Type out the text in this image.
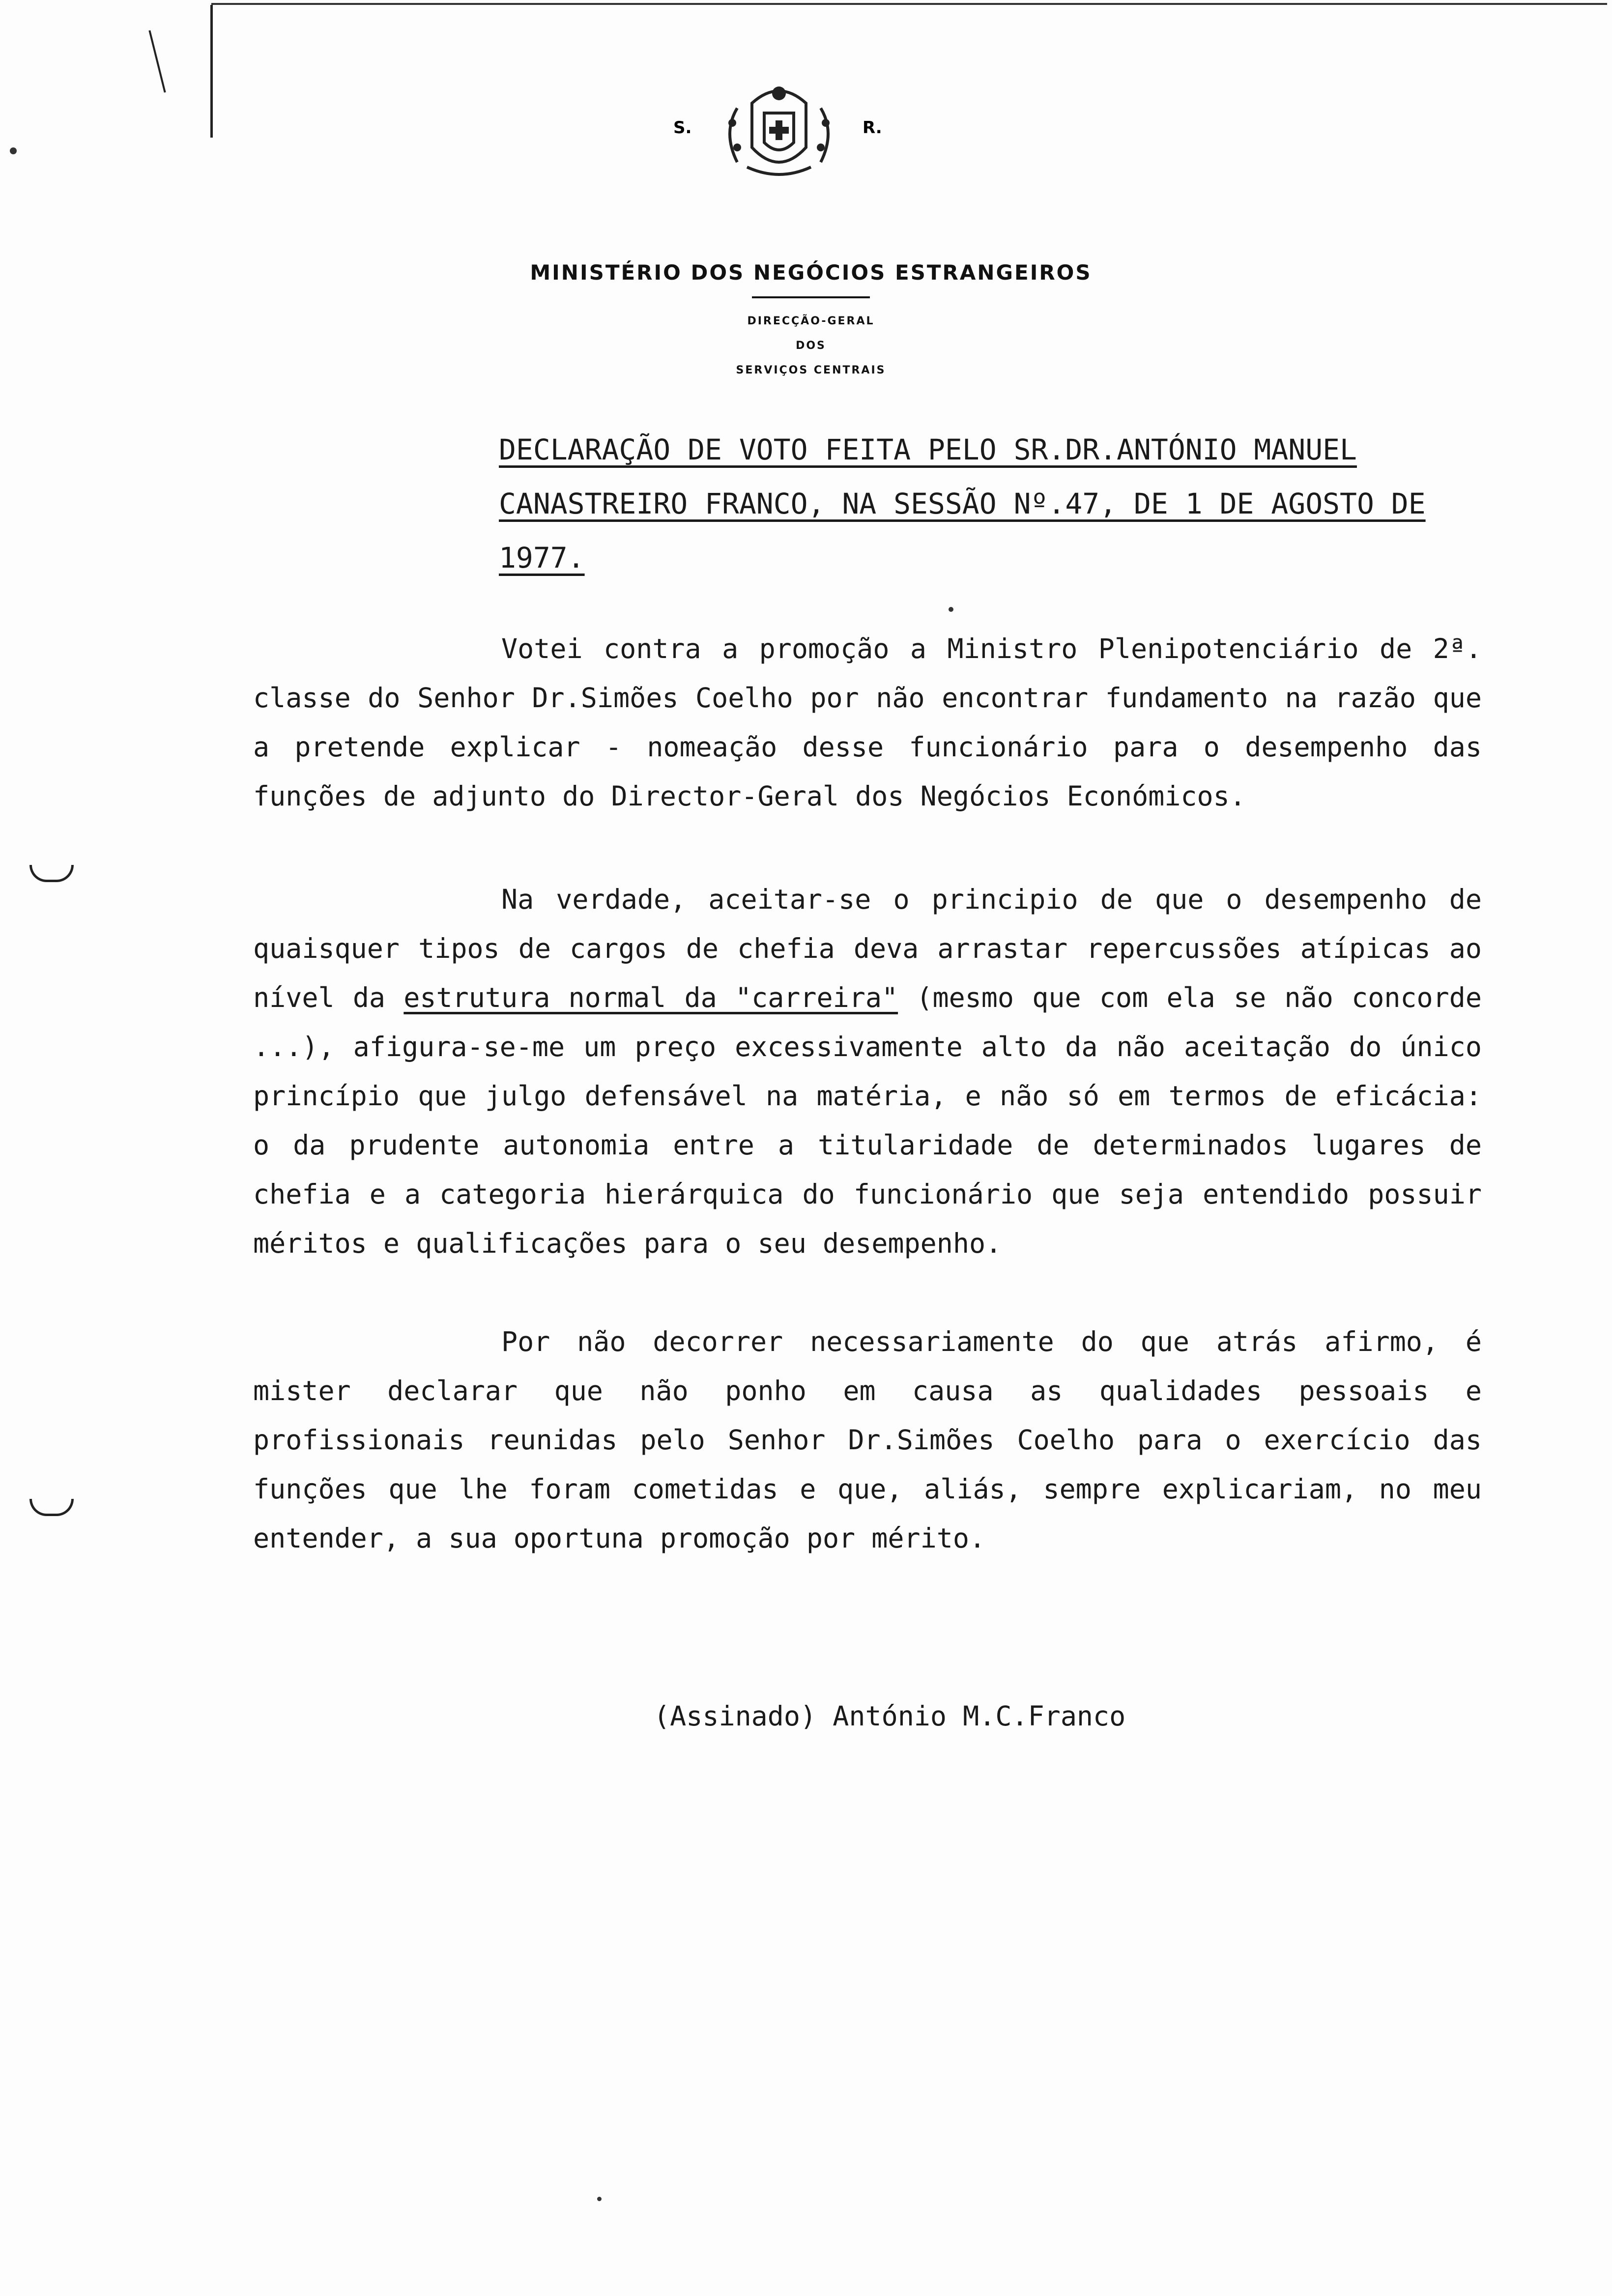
S.	R.
MINISTÉRIO DOS NEGÓCIOS ESTRANGEIROS
DIRECÇÃO-GERAL
DOS
SERVIÇOS CENTRAIS
DECLARAÇÃO DE VOTO FEITA PELO SR.DR.ANTÓNIO MANUEL CANASTREIRO FRANCO, NA SESSÃO Nº.47, DE 1 DE AGOSTO DE 1977.
Votei contra a promoção a Ministro Plenipotenciário de 2ª. classe do Senhor Dr.Simões Coelho por não encontrar fundamento na razão que a pretende explicar - nomeação desse funcionário para o desempenho das funções de adjunto do Director-Geral dos Negócios Económicos.
Na verdade, aceitar-se o principio de que o desempenho de quaisquer tipos de cargos de chefia deva arrastar repercussões atípicas ao nível da estrutura normal da "carreira" (mesmo que com ela se não concorde ...), afigura-se-me um preço excessivamente alto da não aceitação do único princípio que julgo defensável na matéria, e não só em termos de eficácia: o da prudente autonomia entre a titularidade de determinados lugares de chefia e a categoria hierárquica do funcionário que seja entendido possuir méritos e qualificações para o seu desempenho.
Por não decorrer necessariamente do que atrás afirmo, é mister declarar que não ponho em causa as qualidades pessoais e profissionais reunidas pelo Senhor Dr.Simões Coelho para o exercício das funções que lhe foram cometidas e que, aliás, sempre explicariam, no meu entender, a sua oportuna promoção por mérito.
(Assinado) António M.C.Franco
